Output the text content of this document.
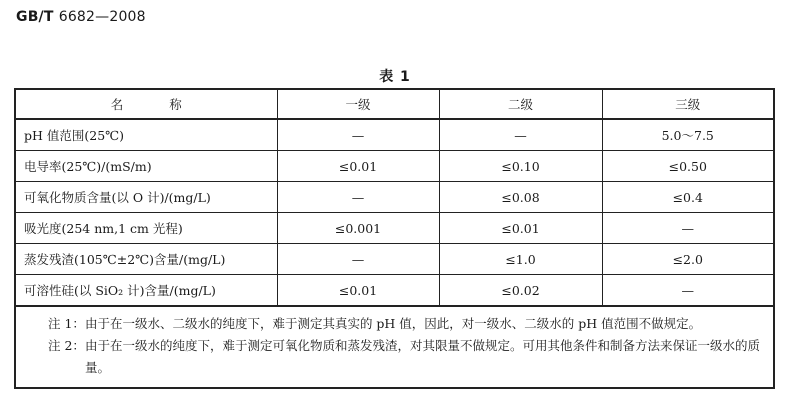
GB/T 6682—2008
表 1
名 称	一级	二级	三级
pH 值范围(25℃)	—	—	5.0～7.5
电导率(25℃)/(mS/m)	≤0.01	≤0.10	≤0.50
可氧化物质含量(以 O 计)/(mg/L)	—	≤0.08	≤0.4
吸光度(254 nm,1 cm 光程)	≤0.001	≤0.01	—
蒸发残渣(105℃±2℃)含量/(mg/L)	—	≤1.0	≤2.0
可溶性硅(以 SiO₂ 计)含量/(mg/L)	≤0.01	≤0.02	—

注 1： 由于在一级水、二级水的纯度下，难于测定其真实的 pH 值，因此，对一级水、二级水的 pH 值范围不做规定。
注 2： 由于在一级水的纯度下，难于测定可氧化物质和蒸发残渣，对其限量不做规定。可用其他条件和制备方法来保证一级水的质量。			
